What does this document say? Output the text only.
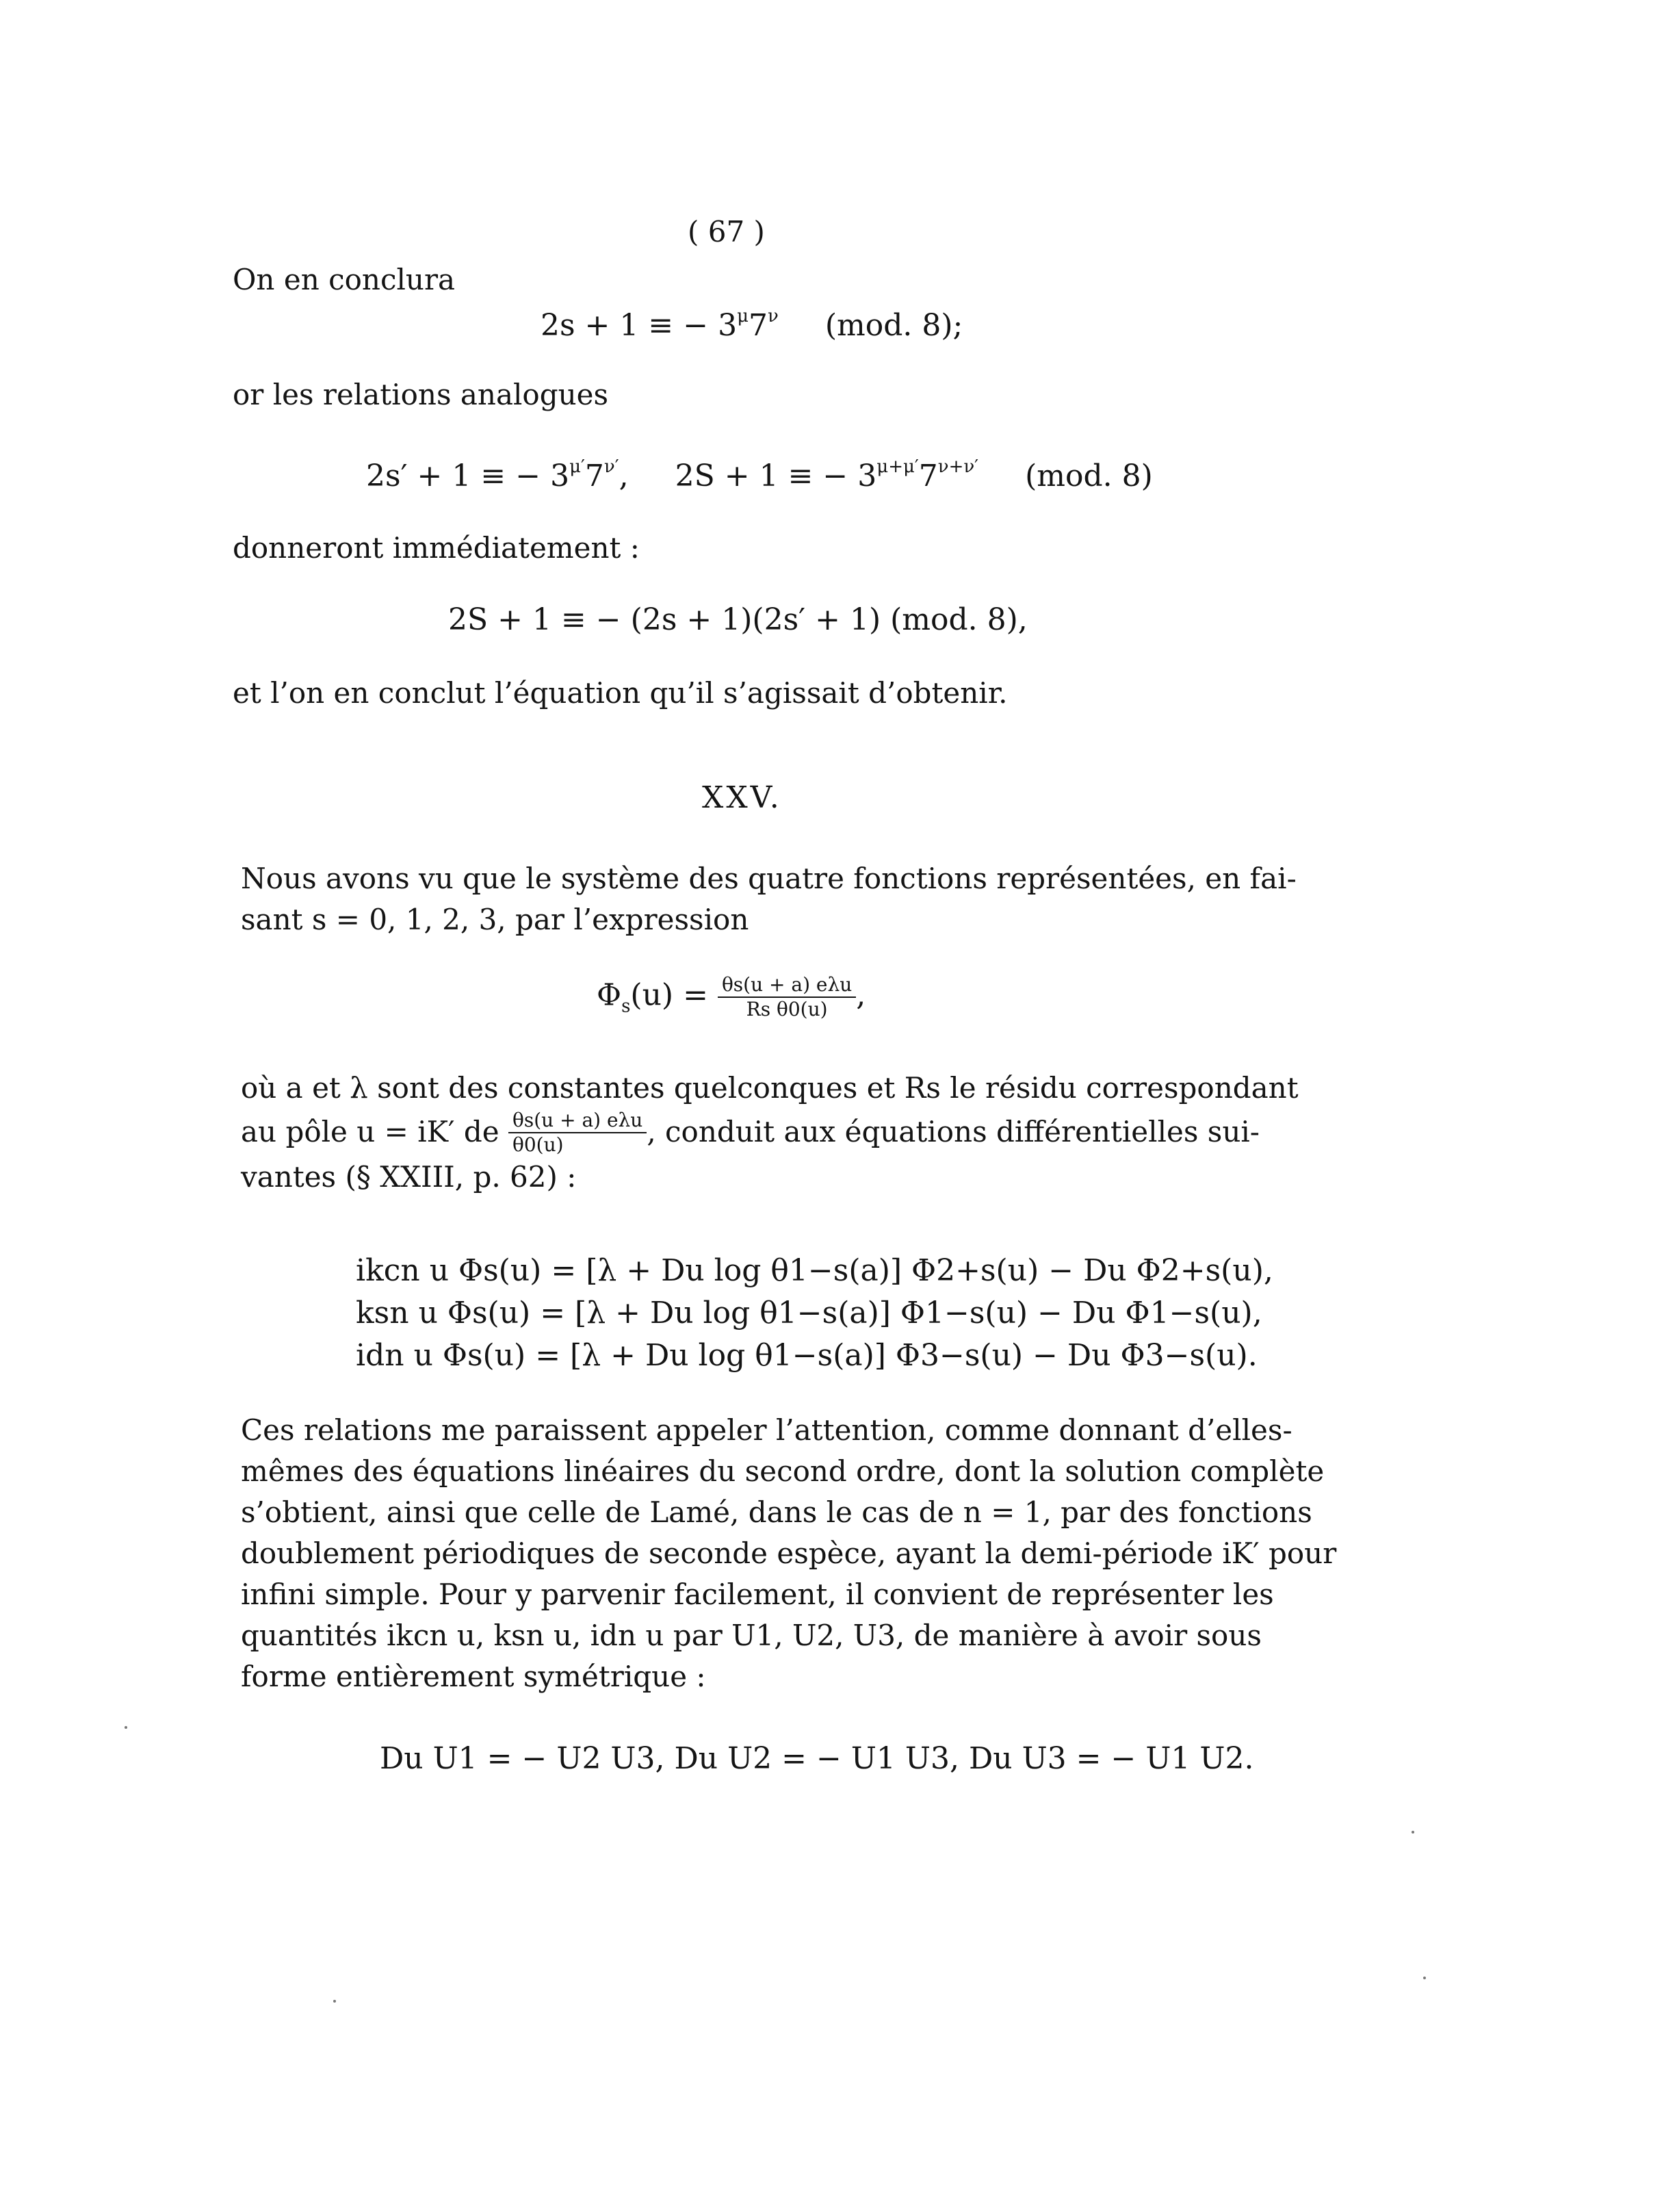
( 67 )
On en conclura
2s + 1 ≡ − $3^\mu 7^\nu$ (mod. 8);
or les relations analogues
2s′ + 1 ≡ − $3^{\mu'}7^{\nu'}$, 2S + 1 ≡ − $3^{\mu+\mu'}7^{\nu+\nu'}$ (mod. 8)
donneront immédiatement :
2S + 1 ≡ − (2s + 1)(2s′ + 1) (mod. 8),
et l’on en conclut l’équation qu’il s’agissait d’obtenir.
XXV.
Nous avons vu que le système des quatre fonctions représentées, en fai-
sant s = 0, 1, 2, 3, par l’expression
$\Phi_s(u) = \frac{\text{θs(u + a) eλu}}{\text{Rs θ0(u)}}$ ,
où a et λ sont des constantes quelconques et Rs le résidu correspondant
au pôle u = iK′ de $\frac{\text{θs(u + a) eλu}}{\theta 0(u)}$ , conduit aux équations différentielles sui-
vantes (§ XXIII, p. 62) :
ikcn u Φs(u) = [λ + Du log θ1−s(a)] Φ2+s(u) − Du Φ2+s(u),
ksn u Φs(u) = [λ + Du log θ1−s(a)] Φ1−s(u) − Du Φ1−s(u),
idn u Φs(u) = [λ + Du log θ1−s(a)] Φ3−s(u) − Du Φ3−s(u).
Ces relations me paraissent appeler l’attention, comme donnant d’elles-
mêmes des équations linéaires du second ordre, dont la solution complète
s’obtient, ainsi que celle de Lamé, dans le cas de n = 1, par des fonctions
doublement périodiques de seconde espèce, ayant la demi-période iK′ pour
infini simple. Pour y parvenir facilement, il convient de représenter les
quantités ikcn u, ksn u, idn u par U1, U2, U3, de manière à avoir sous
forme entièrement symétrique :
Du U1 = − U2 U3, Du U2 = − U1 U3, Du U3 = − U1 U2.
